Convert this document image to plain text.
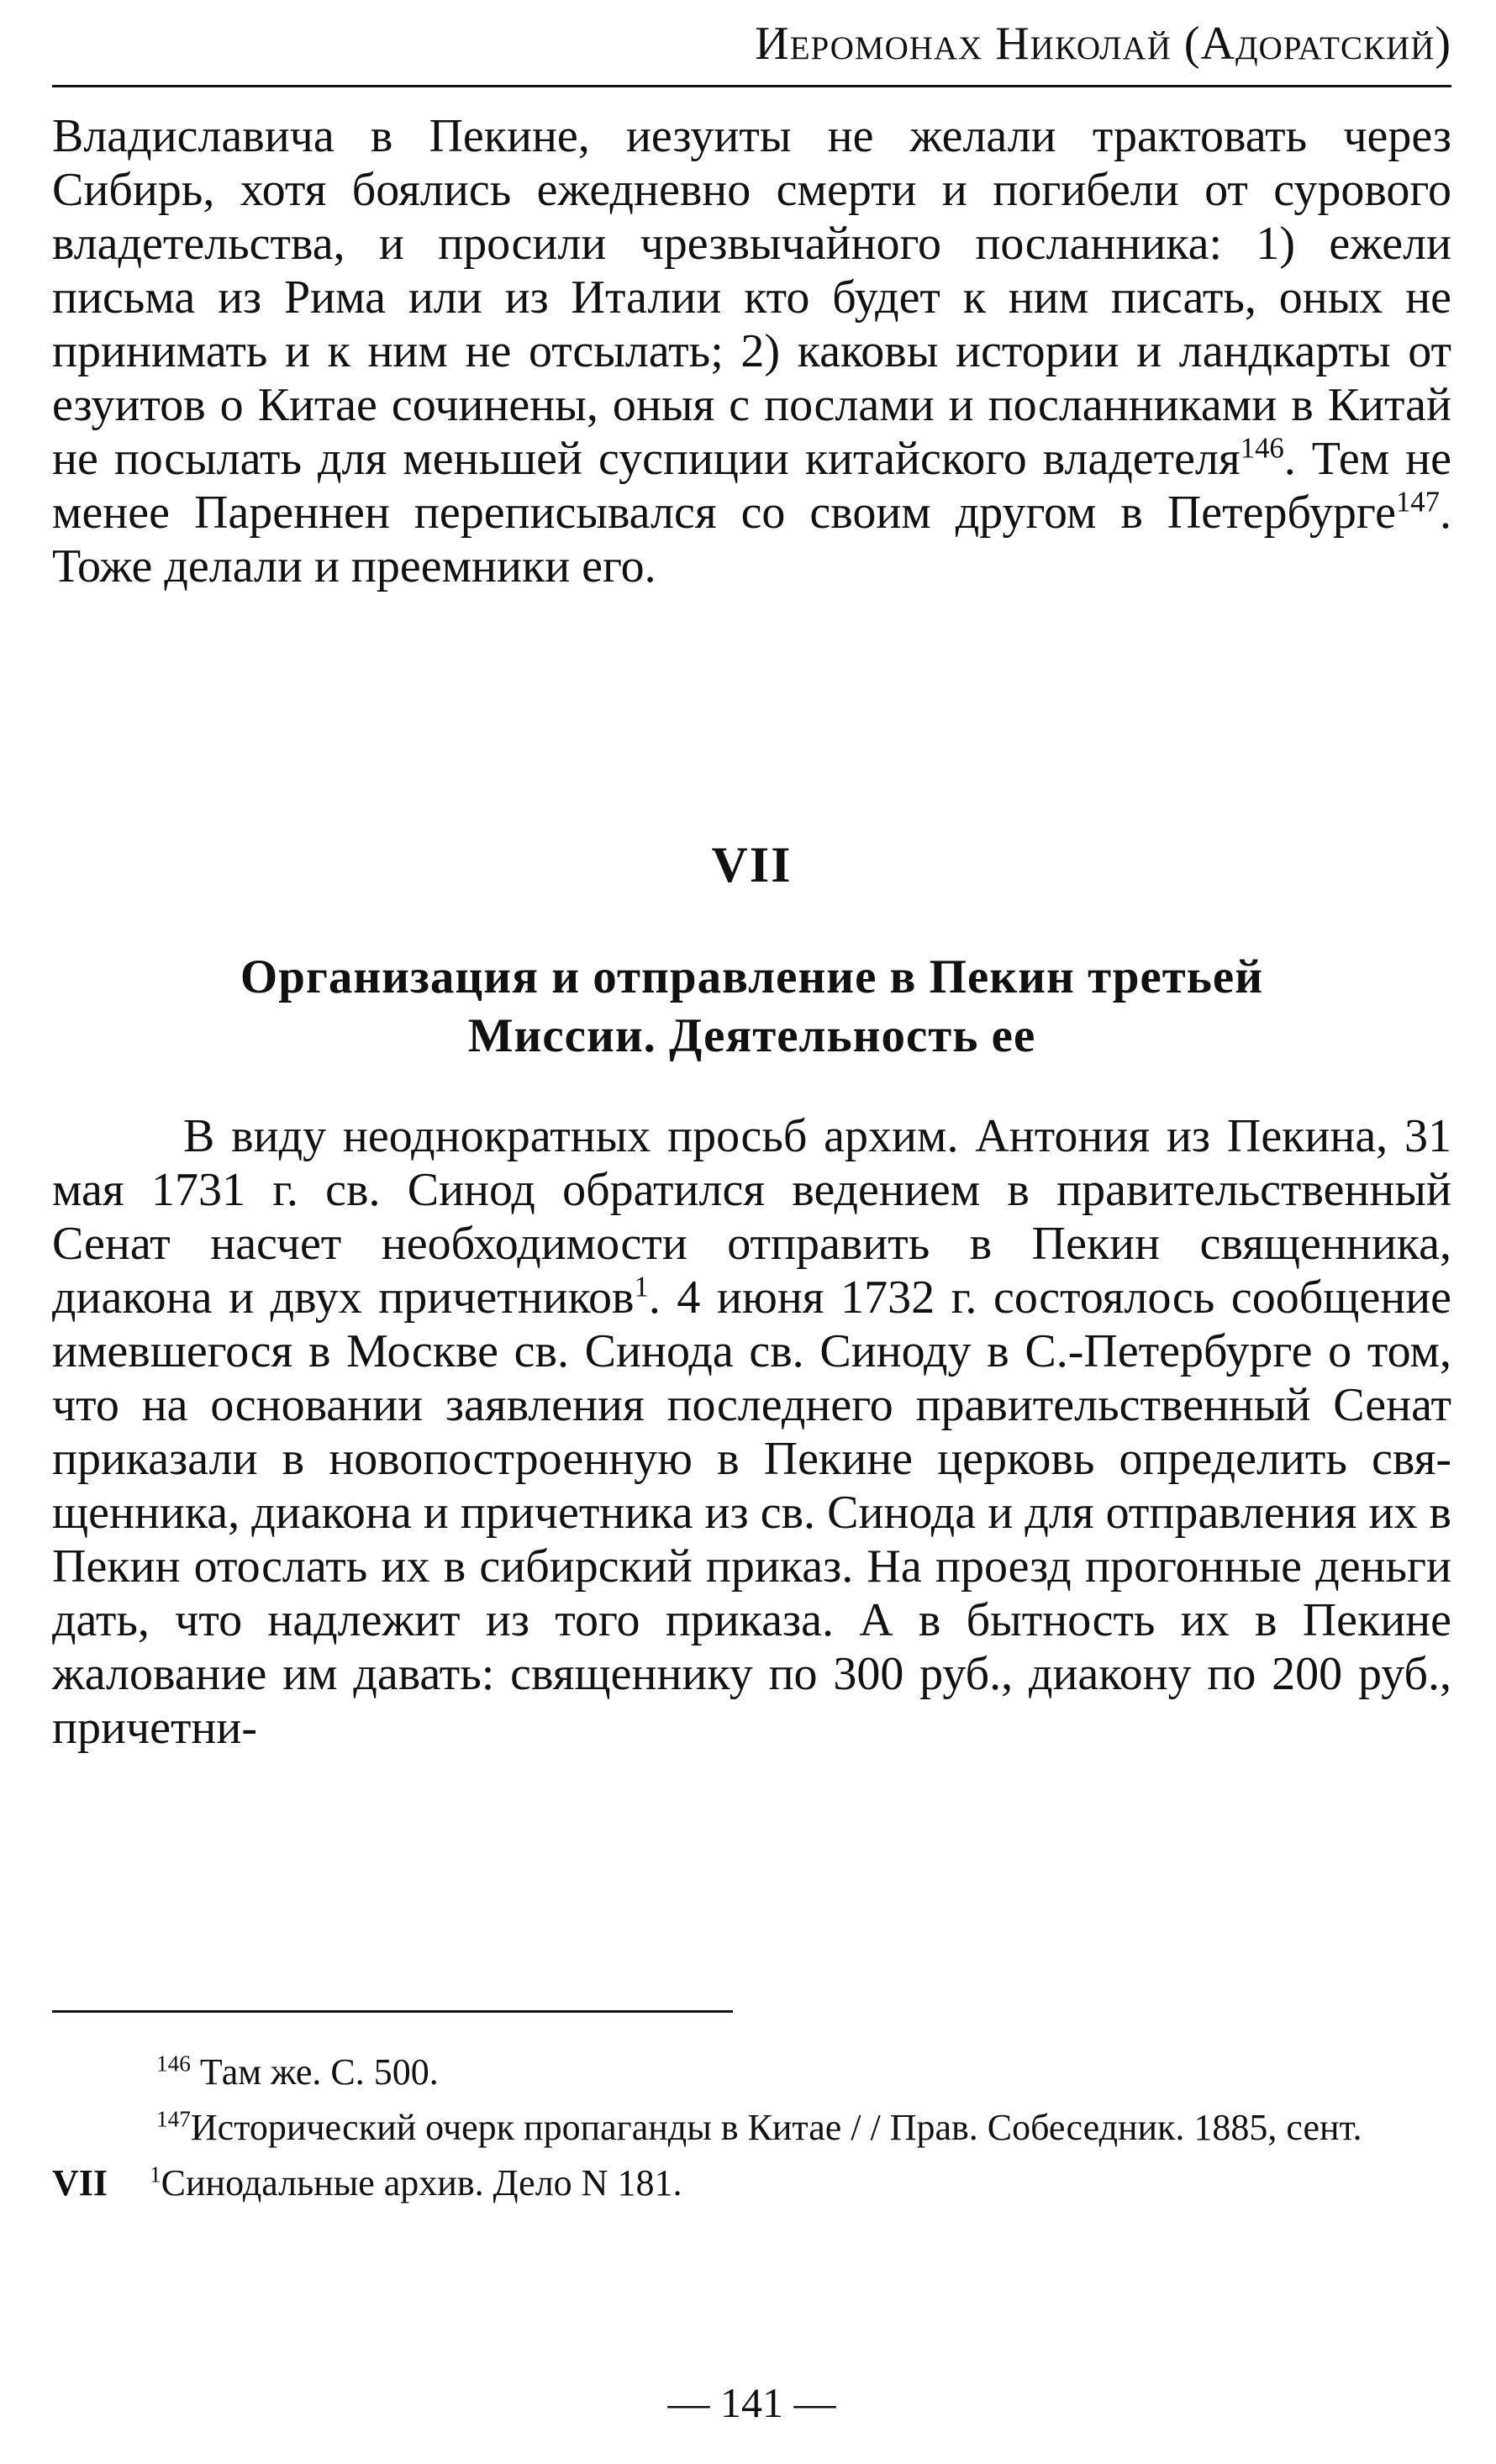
Иеромонах Николай (Адоратский)

Владиславича в Пекине, иезуиты не желали трактовать через Сибирь, хотя боялись ежедневно смерти и погибели от сурового владетельства, и просили чрезвычайного посланника: 1) ежели письма из Рима или из Италии кто будет к ним писать, оных не принимать и к ним не отсылать; 2) каковы истории и ландкарты от езуитов о Китае сочинены, оныя с послами и посланниками в Китай не посылать для меньшей суспиции китайского владетеля$^{146}$. Тем не менее Пареннен переписывался со своим другом в Петербурге$^{147}$. Тоже делали и преемники его.

VII
Организация и отправление в Пекин третьей
Миссии. Деятельность ее

В виду неоднократных просьб архим. Антония из Пекина, 31 мая 1731 г. св. Синод обратился ведением в правительственный Сенат насчет необходимости отправить в Пекин священника, диакона и двух причетников$^1$. 4 июня 1732 г. состоялось сообщение имевшегося в Москве св. Синода св. Синоду в С.-Петербурге о том, что на основании заявления последнего правительственный Сенат приказали в новопостроенную в Пекине церковь определить священника, диакона и причетника из св. Синода и для отправления их в Пекин отослать их в сибирский приказ. На проезд прогонные деньги дать, что надлежит из того приказа. А в бытность их в Пекине жалование им давать: священнику по 300 руб., диакону по 200 руб., причетни-

$^{146}$ Там же. С. 500.
$^{147}$Исторический очерк пропаганды в Китае / / Прав. Собеседник. 1885, сент.
VII $^1$Синодальные архив. Дело N 181.
— 141 —
